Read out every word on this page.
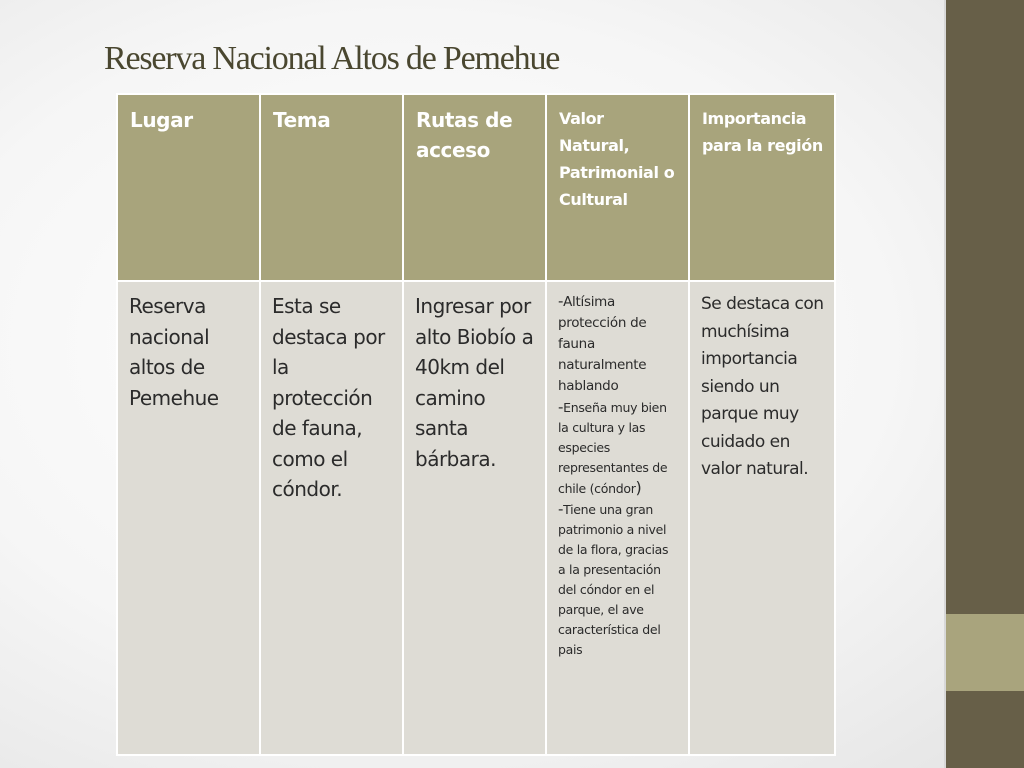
Reserva Nacional Altos de Pemehue
Lugar	Tema	Rutas de acceso	Valor Natural, Patrimonial o Cultural	Importancia para la región
Reserva nacional altos de Pemehue	Esta se destaca por la protección de fauna, como el cóndor.	Ingresar por alto Biobío a 40km del camino santa bárbara.	-Altísima protección de fauna naturalmente hablando

-Enseña muy bien la cultura y las especies representantes de chile (cóndor)

-Tiene una gran patrimonio a nivel de la flora, gracias a la presentación del cóndor en el parque, el ave característica del pais	Se destaca con muchísima importancia siendo un parque muy cuidado en valor natural.
